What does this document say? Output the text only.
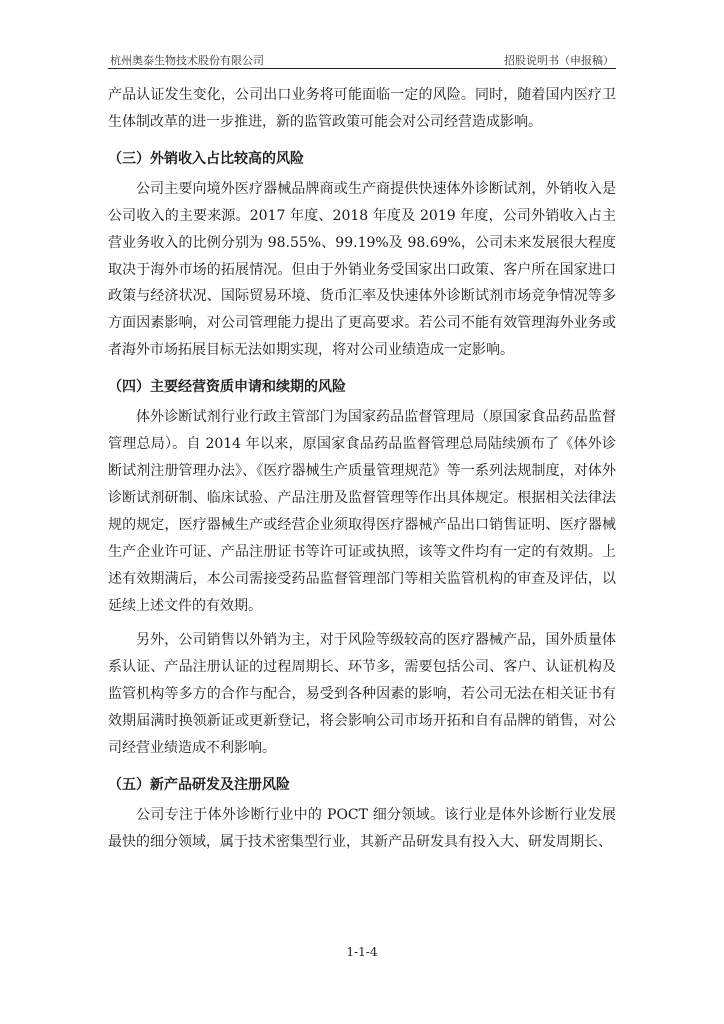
杭州奥泰生物技术股份有限公司	招股说明书（申报稿）

产品认证发生变化，公司出口业务将可能面临一定的风险。同时，随着国内医疗卫生体制改革的进一步推进，新的监管政策可能会对公司经营造成影响。

（三）外销收入占比较高的风险

公司主要向境外医疗器械品牌商或生产商提供快速体外诊断试剂，外销收入是公司收入的主要来源。2017 年度、2018 年度及 2019 年度，公司外销收入占主营业务收入的比例分别为 98.55%、99.19%及 98.69%，公司未来发展很大程度取决于海外市场的拓展情况。但由于外销业务受国家出口政策、客户所在国家进口政策与经济状况、国际贸易环境、货币汇率及快速体外诊断试剂市场竞争情况等多方面因素影响，对公司管理能力提出了更高要求。若公司不能有效管理海外业务或者海外市场拓展目标无法如期实现，将对公司业绩造成一定影响。

（四）主要经营资质申请和续期的风险

体外诊断试剂行业行政主管部门为国家药品监督管理局（原国家食品药品监督管理总局）。自 2014 年以来，原国家食品药品监督管理总局陆续颁布了《体外诊断试剂注册管理办法》、《医疗器械生产质量管理规范》等一系列法规制度，对体外诊断试剂研制、临床试验、产品注册及监督管理等作出具体规定。根据相关法律法规的规定，医疗器械生产或经营企业须取得医疗器械产品出口销售证明、医疗器械生产企业许可证、产品注册证书等许可证或执照，该等文件均有一定的有效期。上述有效期满后，本公司需接受药品监督管理部门等相关监管机构的审查及评估，以延续上述文件的有效期。

另外，公司销售以外销为主，对于风险等级较高的医疗器械产品，国外质量体系认证、产品注册认证的过程周期长、环节多，需要包括公司、客户、认证机构及监管机构等多方的合作与配合，易受到各种因素的影响，若公司无法在相关证书有效期届满时换领新证或更新登记，将会影响公司市场开拓和自有品牌的销售，对公司经营业绩造成不利影响。

（五）新产品研发及注册风险

公司专注于体外诊断行业中的 POCT 细分领域。该行业是体外诊断行业发展最快的细分领域，属于技术密集型行业，其新产品研发具有投入大、研发周期长、

1-1-4
